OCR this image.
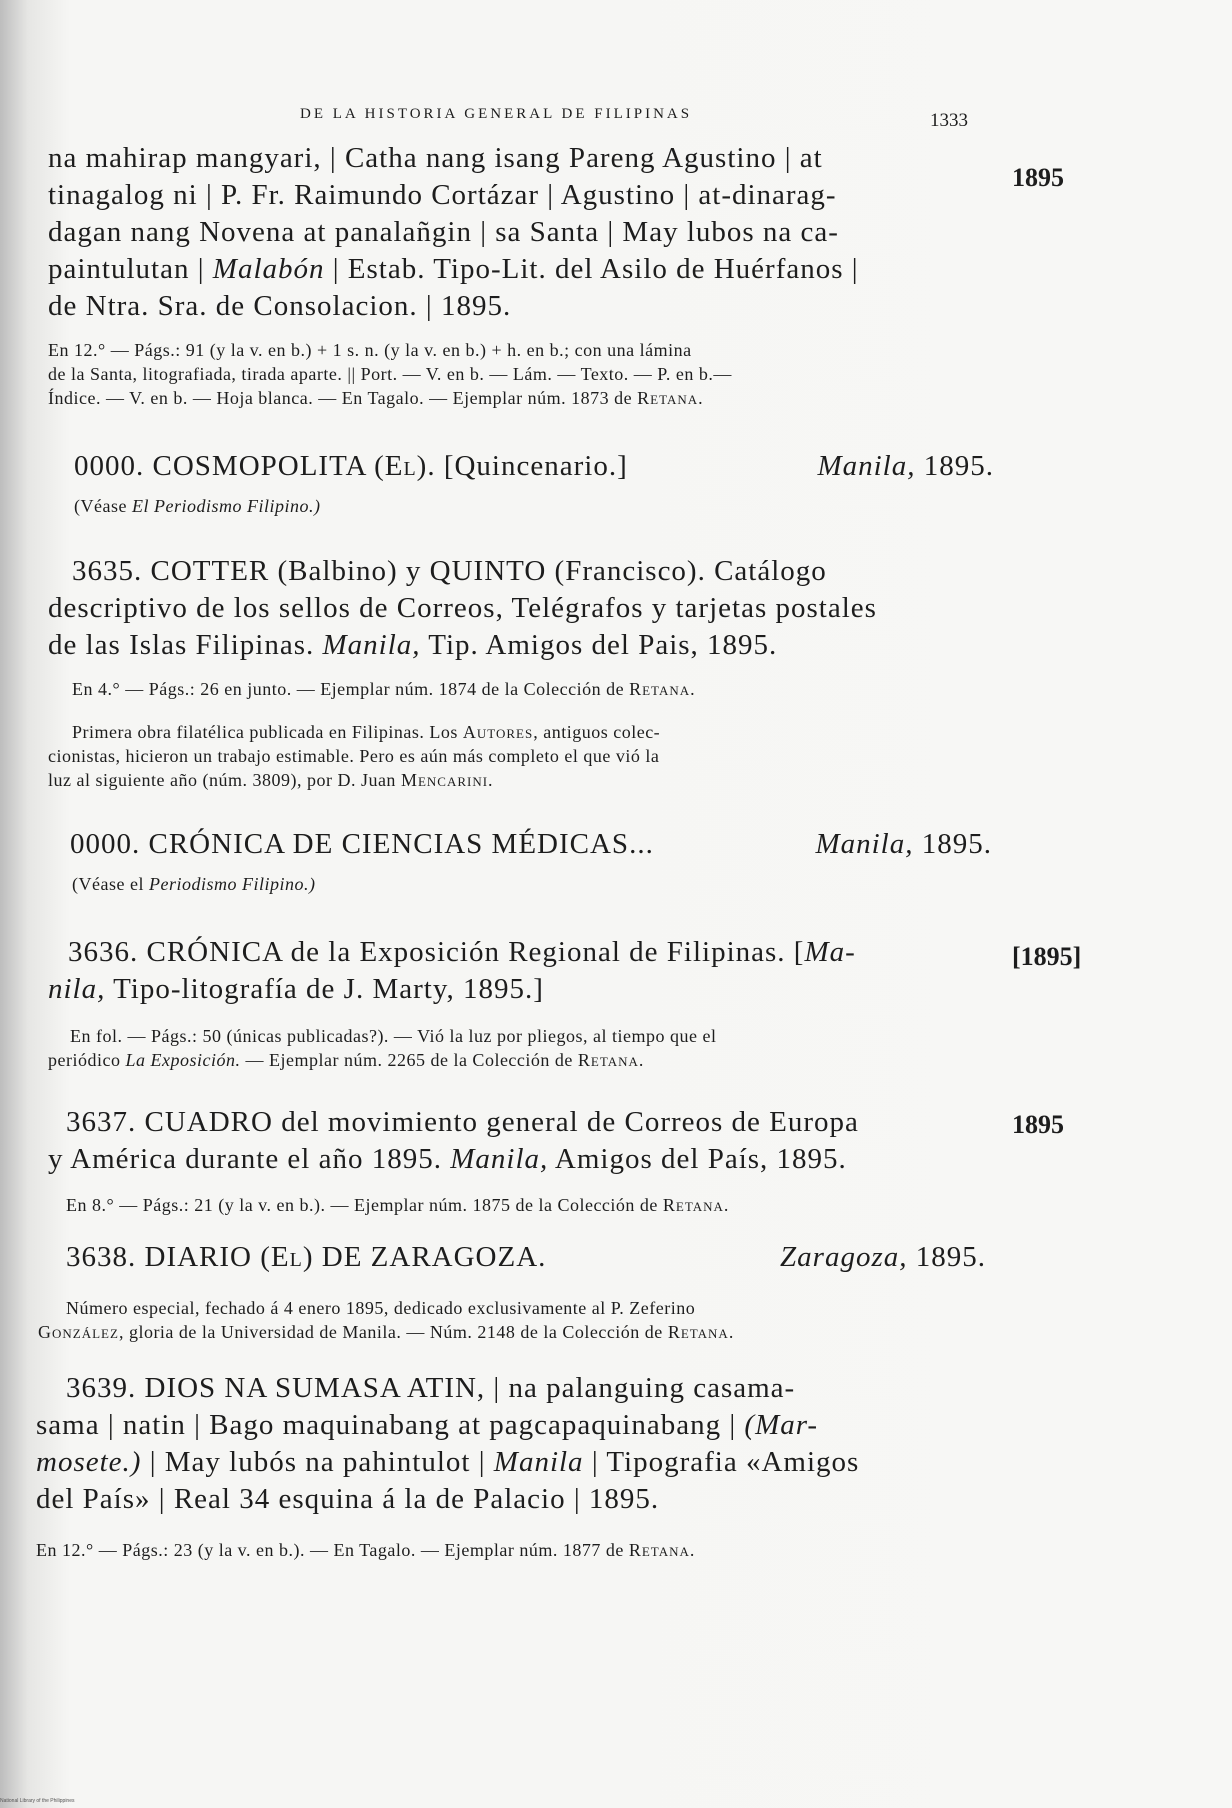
DE LA HISTORIA GENERAL DE FILIPINAS	1333
na mahirap mangyari, | Catha nang isang Pareng Agustino | at
tinagalog ni | P. Fr. Raimundo Cortázar | Agustino | at-dinarag-
dagan nang Novena at panalañgin | sa Santa | May lubos na ca-
paintulutan | Malabón | Estab. Tipo-Lit. del Asilo de Huérfanos |
de Ntra. Sra. de Consolacion. | 1895.
1895
En 12.° — Págs.: 91 (y la v. en b.) + 1 s. n. (y la v. en b.) + h. en b.; con una lámina
de la Santa, litografiada, tirada aparte. || Port. — V. en b. — Lám. — Texto. — P. en b.—
Índice. — V. en b. — Hoja blanca. — En Tagalo. — Ejemplar núm. 1873 de Retana.
0000. COSMOPOLITA (El). [Quincenario.]	Manila, 1895.
(Véase El Periodismo Filipino.)
3635. COTTER (Balbino) y QUINTO (Francisco). Catálogo
descriptivo de los sellos de Correos, Telégrafos y tarjetas postales
de las Islas Filipinas. Manila, Tip. Amigos del Pais, 1895.
En 4.° — Págs.: 26 en junto. — Ejemplar núm. 1874 de la Colección de Retana.
Primera obra filatélica publicada en Filipinas. Los Autores, antiguos colec-
cionistas, hicieron un trabajo estimable. Pero es aún más completo el que vió la
luz al siguiente año (núm. 3809), por D. Juan Mencarini.
0000. CRÓNICA DE CIENCIAS MÉDICAS...	Manila, 1895.
(Véase el Periodismo Filipino.)
3636. CRÓNICA de la Exposición Regional de Filipinas. [Ma-
nila, Tipo-litografía de J. Marty, 1895.]
[1895]
En fol. — Págs.: 50 (únicas publicadas?). — Vió la luz por pliegos, al tiempo que el
periódico La Exposición. — Ejemplar núm. 2265 de la Colección de Retana.
3637. CUADRO del movimiento general de Correos de Europa
y América durante el año 1895. Manila, Amigos del País, 1895.
1895
En 8.° — Págs.: 21 (y la v. en b.). — Ejemplar núm. 1875 de la Colección de Retana.
3638. DIARIO (El) DE ZARAGOZA.	Zaragoza, 1895.
Número especial, fechado á 4 enero 1895, dedicado exclusivamente al P. Zeferino
González, gloria de la Universidad de Manila. — Núm. 2148 de la Colección de Retana.
3639. DIOS NA SUMASA ATIN, | na palanguing casama-
sama | natin | Bago maquinabang at pagcapaquinabang | (Mar-
mosete.) | May lubós na pahintulot | Manila | Tipografia «Amigos
del País» | Real 34 esquina á la de Palacio | 1895.
En 12.° — Págs.: 23 (y la v. en b.). — En Tagalo. — Ejemplar núm. 1877 de Retana.
National Library of the Philippines
